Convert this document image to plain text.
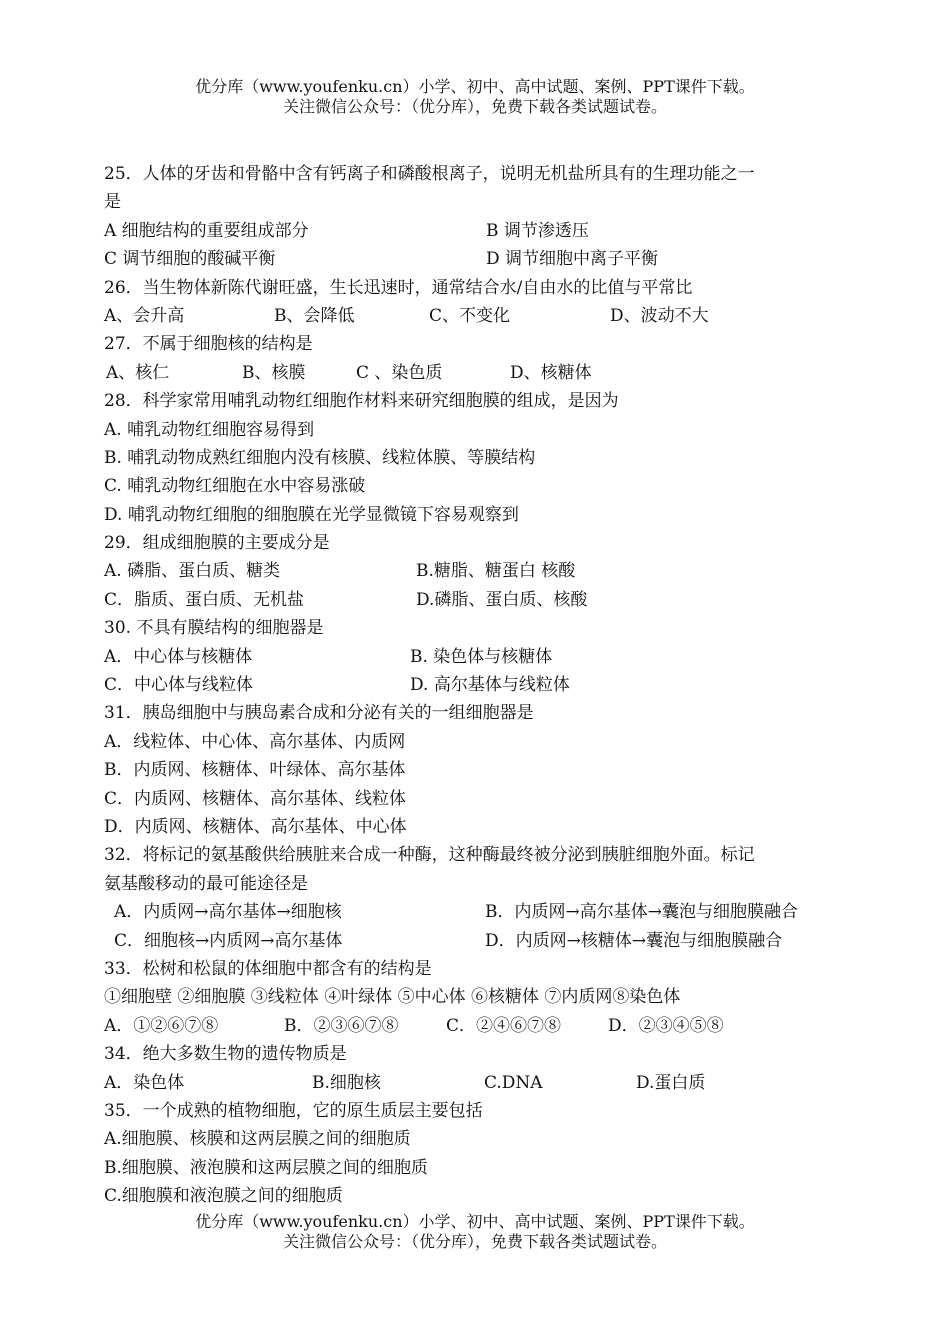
优分库（www.youfenku.cn）小学、初中、高中试题、案例、PPT课件下载。
关注微信公众号：（优分库），免费下载各类试题试卷。
25．人体的牙齿和骨骼中含有钙离子和磷酸根离子，说明无机盐所具有的生理功能之一
是
A 细胞结构的重要组成部分	B 调节渗透压
C 调节细胞的酸碱平衡	D 调节细胞中离子平衡
26．当生物体新陈代谢旺盛，生长迅速时，通常结合水/自由水的比值与平常比
A、会升高	B、会降低	C、不变化	D、波动不大
27．不属于细胞核的结构是
A、核仁	B、核膜	C 、染色质	D、核糖体
28．科学家常用哺乳动物红细胞作材料来研究细胞膜的组成，是因为
A. 哺乳动物红细胞容易得到
B. 哺乳动物成熟红细胞内没有核膜、线粒体膜、等膜结构
C. 哺乳动物红细胞在水中容易涨破
D. 哺乳动物红细胞的细胞膜在光学显微镜下容易观察到
29．组成细胞膜的主要成分是
A. 磷脂、蛋白质、糖类	B.糖脂、糖蛋白 核酸
C．脂质、蛋白质、无机盐	D.磷脂、蛋白质、核酸
30. 不具有膜结构的细胞器是
A．中心体与核糖体	B. 染色体与核糖体
C．中心体与线粒体	D. 高尔基体与线粒体
31．胰岛细胞中与胰岛素合成和分泌有关的一组细胞器是
A．线粒体、中心体、高尔基体、内质网
B．内质网、核糖体、叶绿体、高尔基体
C．内质网、核糖体、高尔基体、线粒体
D．内质网、核糖体、高尔基体、中心体
32．将标记的氨基酸供给胰脏来合成一种酶，这种酶最终被分泌到胰脏细胞外面。标记
氨基酸移动的最可能途径是
A．内质网→高尔基体→细胞核	B．内质网→高尔基体→囊泡与细胞膜融合
C．细胞核→内质网→高尔基体	D．内质网→核糖体→囊泡与细胞膜融合
33．松树和松鼠的体细胞中都含有的结构是
①细胞壁 ②细胞膜 ③线粒体 ④叶绿体 ⑤中心体 ⑥核糖体 ⑦内质网⑧染色体
A．①②⑥⑦⑧	B．②③⑥⑦⑧	C．②④⑥⑦⑧	D．②③④⑤⑧
34．绝大多数生物的遗传物质是
A．染色体	B.细胞核	C.DNA	D.蛋白质
35．一个成熟的植物细胞，它的原生质层主要包括
A.细胞膜、核膜和这两层膜之间的细胞质
B.细胞膜、液泡膜和这两层膜之间的细胞质
C.细胞膜和液泡膜之间的细胞质
优分库（www.youfenku.cn）小学、初中、高中试题、案例、PPT课件下载。
关注微信公众号：（优分库），免费下载各类试题试卷。
